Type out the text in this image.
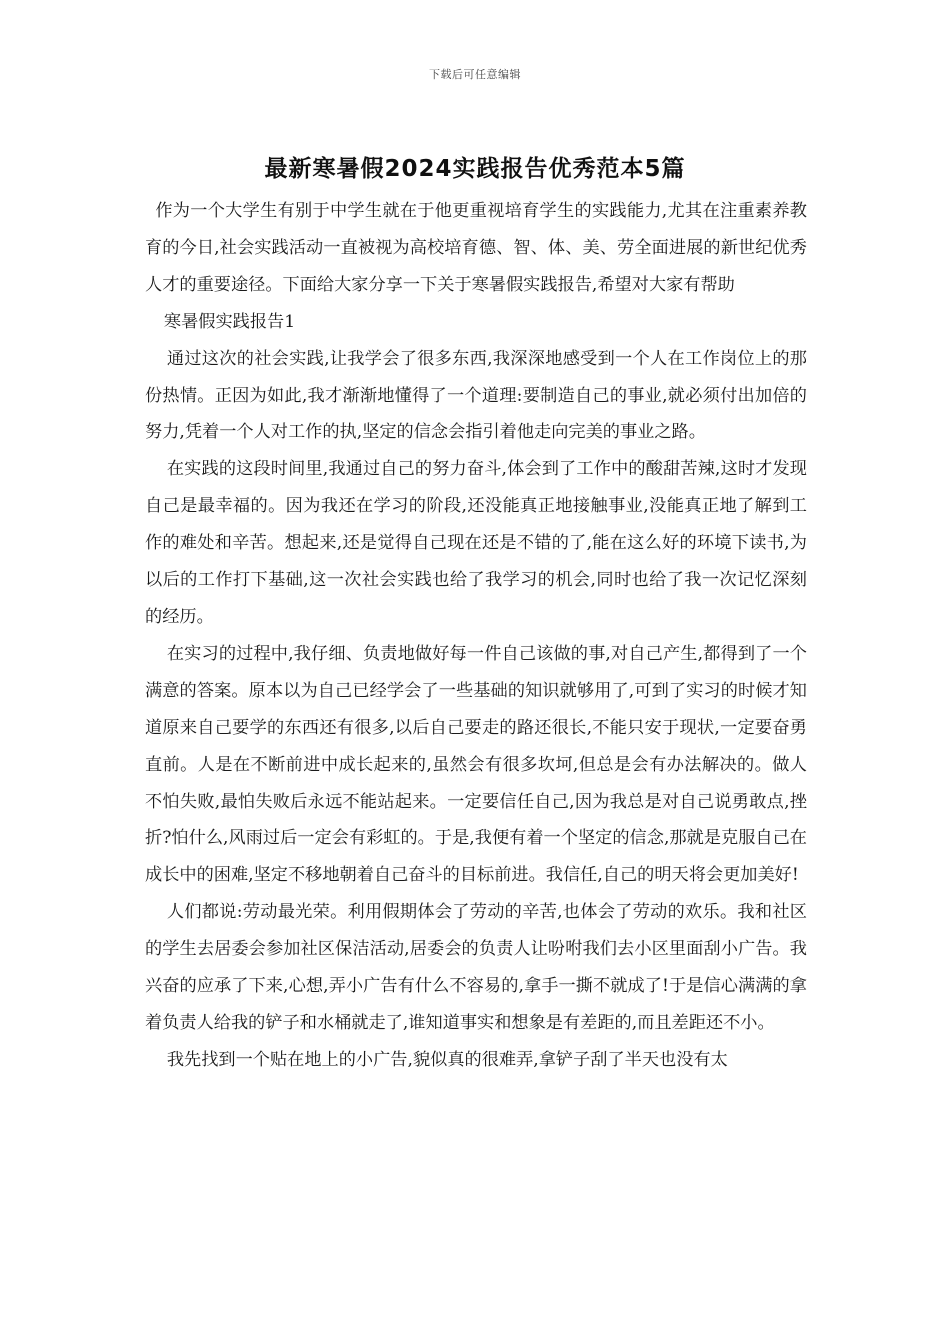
下载后可任意编辑
最新寒暑假2024实践报告优秀范本5篇

作为一个大学生有别于中学生就在于他更重视培育学生的实践能力,尤其在注重素养教育的今日,社会实践活动一直被视为高校培育德、智、体、美、劳全面进展的新世纪优秀人才的重要途径。下面给大家分享一下关于寒暑假实践报告,希望对大家有帮助

寒暑假实践报告1

通过这次的社会实践,让我学会了很多东西,我深深地感受到一个人在工作岗位上的那份热情。正因为如此,我才渐渐地懂得了一个道理:要制造自己的事业,就必须付出加倍的努力,凭着一个人对工作的执,坚定的信念会指引着他走向完美的事业之路。

在实践的这段时间里,我通过自己的努力奋斗,体会到了工作中的酸甜苦辣,这时才发现自己是最幸福的。因为我还在学习的阶段,还没能真正地接触事业,没能真正地了解到工作的难处和辛苦。想起来,还是觉得自己现在还是不错的了,能在这么好的环境下读书,为以后的工作打下基础,这一次社会实践也给了我学习的机会,同时也给了我一次记忆深刻的经历。

在实习的过程中,我仔细、负责地做好每一件自己该做的事,对自己产生,都得到了一个满意的答案。原本以为自己已经学会了一些基础的知识就够用了,可到了实习的时候才知道原来自己要学的东西还有很多,以后自己要走的路还很长,不能只安于现状,一定要奋勇直前。人是在不断前进中成长起来的,虽然会有很多坎坷,但总是会有办法解决的。做人不怕失败,最怕失败后永远不能站起来。一定要信任自己,因为我总是对自己说勇敢点,挫折?怕什么,风雨过后一定会有彩虹的。于是,我便有着一个坚定的信念,那就是克服自己在成长中的困难,坚定不移地朝着自己奋斗的目标前进。我信任,自己的明天将会更加美好!

人们都说:劳动最光荣。利用假期体会了劳动的辛苦,也体会了劳动的欢乐。我和社区的学生去居委会参加社区保洁活动,居委会的负责人让吩咐我们去小区里面刮小广告。我兴奋的应承了下来,心想,弄小广告有什么不容易的,拿手一撕不就成了!于是信心满满的拿着负责人给我的铲子和水桶就走了,谁知道事实和想象是有差距的,而且差距还不小。

我先找到一个贴在地上的小广告,貌似真的很难弄,拿铲子刮了半天也没有太
